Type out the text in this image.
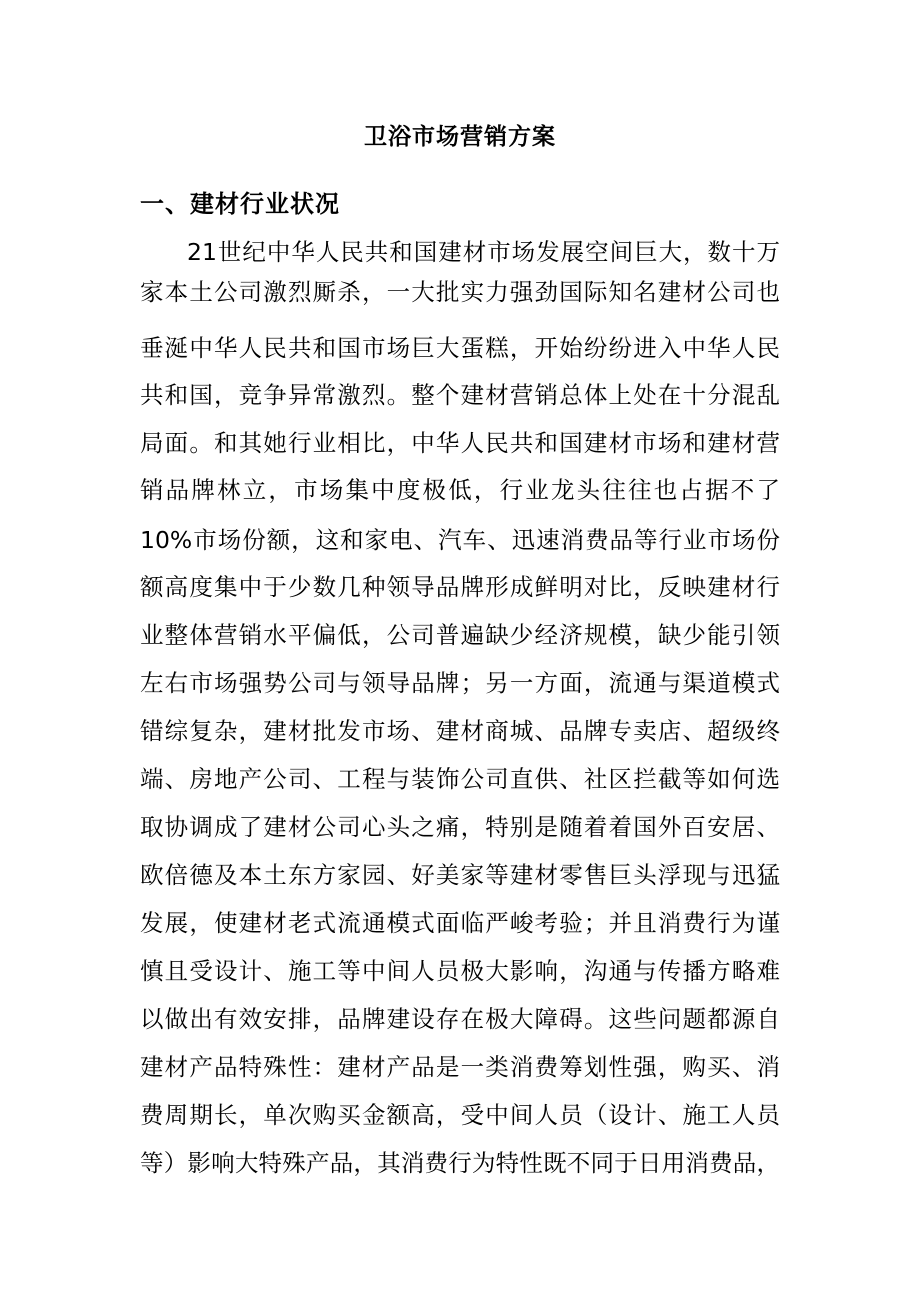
卫浴市场营销方案
一、建材行业状况
21世纪中华人民共和国建材市场发展空间巨大，数十万
家本土公司激烈厮杀，一大批实力强劲国际知名建材公司也
垂涎中华人民共和国市场巨大蛋糕，开始纷纷进入中华人民
共和国，竞争异常激烈。整个建材营销总体上处在十分混乱
局面。和其她行业相比，中华人民共和国建材市场和建材营
销品牌林立，市场集中度极低，行业龙头往往也占据不了
10%市场份额，这和家电、汽车、迅速消费品等行业市场份
额高度集中于少数几种领导品牌形成鲜明对比，反映建材行
业整体营销水平偏低，公司普遍缺少经济规模，缺少能引领
左右市场强势公司与领导品牌；另一方面，流通与渠道模式
错综复杂，建材批发市场、建材商城、品牌专卖店、超级终
端、房地产公司、工程与装饰公司直供、社区拦截等如何选
取协调成了建材公司心头之痛，特别是随着着国外百安居、
欧倍德及本土东方家园、好美家等建材零售巨头浮现与迅猛
发展，使建材老式流通模式面临严峻考验；并且消费行为谨
慎且受设计、施工等中间人员极大影响，沟通与传播方略难
以做出有效安排，品牌建设存在极大障碍。这些问题都源自
建材产品特殊性：建材产品是一类消费筹划性强，购买、消
费周期长，单次购买金额高，受中间人员（设计、施工人员
等）影响大特殊产品，其消费行为特性既不同于日用消费品，
